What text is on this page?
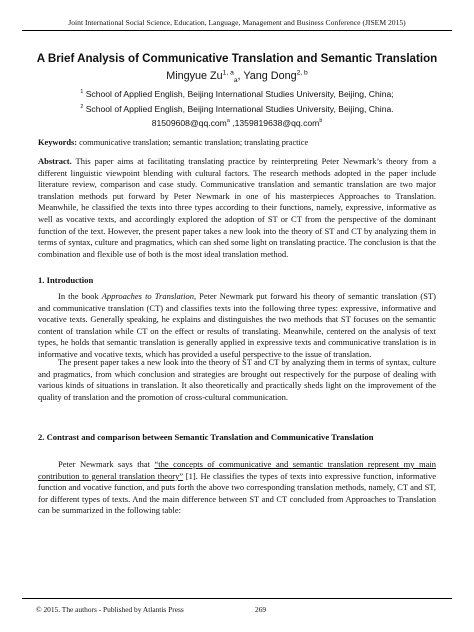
Joint International Social Science, Education, Language, Management and Business Conference (JISEM 2015)
A Brief Analysis of Communicative Translation and Semantic Translation
Mingyue Zu$^{1, a}_a$, Yang Dong$^{2, b}$
$^1$ School of Applied English, Beijing International Studies University, Beijing, China;
$^2$ School of Applied English, Beijing International Studies University, Beijing, China.
81509608@qq.com$^a$ ,1359819638@qq.com$^b$
Keywords: communicative translation; semantic translation; translating practice
Abstract. This paper aims at facilitating translating practice by reinterpreting Peter Newmark’s theory from a different linguistic viewpoint blending with cultural factors. The research methods adopted in the paper include literature review, comparison and case study. Communicative translation and semantic translation are two major translation methods put forward by Peter Newmark in one of his masterpieces Approaches to Translation. Meanwhile, he classified the texts into three types according to their functions, namely, expressive, informative as well as vocative texts, and accordingly explored the adoption of ST or CT from the perspective of the dominant function of the text. However, the present paper takes a new look into the theory of ST and CT by analyzing them in terms of syntax, culture and pragmatics, which can shed some light on translating practice. The conclusion is that the combination and flexible use of both is the most ideal translation method.
1. Introduction

In the book Approaches to Translation, Peter Newmark put forward his theory of semantic translation (ST) and communicative translation (CT) and classifies texts into the following three types: expressive, informative and vocative texts. Generally speaking, he explains and distinguishes the two methods that ST focuses on the semantic content of translation while CT on the effect or results of translating. Meanwhile, centered on the analysis of text types, he holds that semantic translation is generally applied in expressive texts and communicative translation is in informative and vocative texts, which has provided a useful perspective to the issue of translation.

The present paper takes a new look into the theory of ST and CT by analyzing them in terms of syntax, culture and pragmatics, from which conclusion and strategies are brought out respectively for the purpose of dealing with various kinds of situations in translation. It also theoretically and practically sheds light on the improvement of the quality of translation and the promotion of cross-cultural communication.

2. Contrast and comparison between Semantic Translation and Communicative Translation

Peter Newmark says that “the concepts of communicative and semantic translation represent my main contribution to general translation theory” [1]. He classifies the types of texts into expressive function, informative function and vocative function, and puts forth the above two corresponding translation methods, namely, CT and ST, for different types of texts. And the main difference between ST and CT concluded from Approaches to Translation can be summarized in the following table:

© 2015. The authors - Published by Atlantis Press	269
